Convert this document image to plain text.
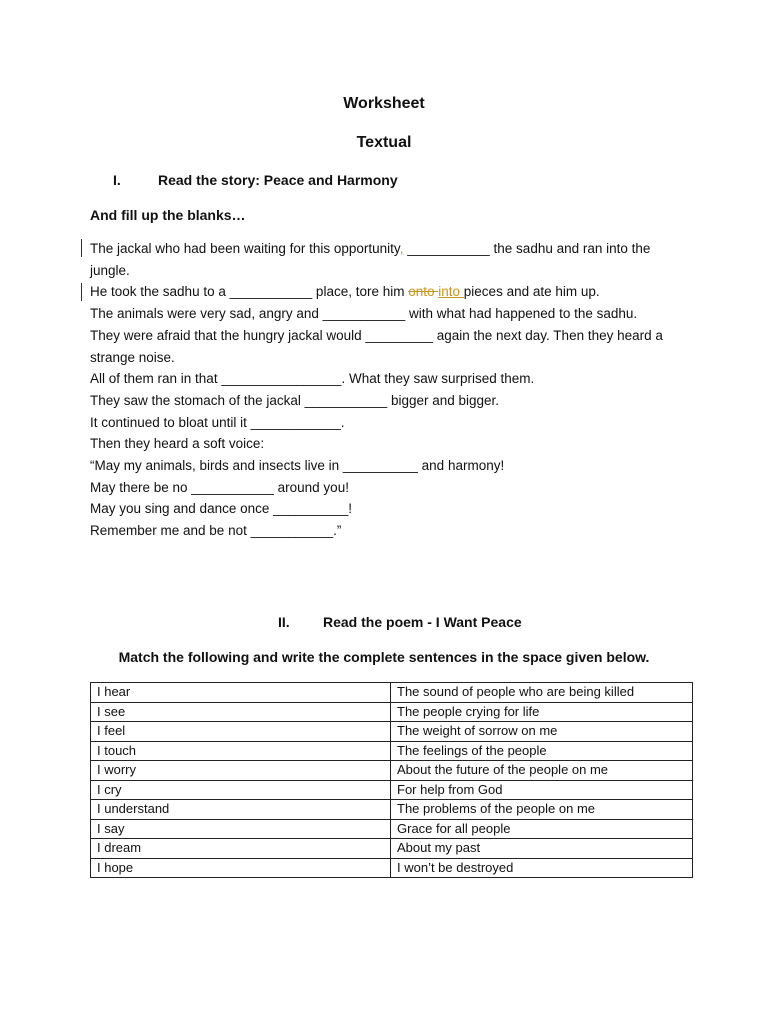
Worksheet
Textual
I.	Read the story: Peace and Harmony
And fill up the blanks…

The jackal who had been waiting for this opportunity, ___________ the sadhu and ran into the jungle.

He took the sadhu to a ___________ place, tore him onto into pieces and ate him up.

The animals were very sad, angry and ___________ with what had happened to the sadhu.

They were afraid that the hungry jackal would _________ again the next day. Then they heard a strange noise.

All of them ran in that ________________. What they saw surprised them.

They saw the stomach of the jackal ___________ bigger and bigger.

It continued to bloat until it ____________.

Then they heard a soft voice:

“May my animals, birds and insects live in __________ and harmony!

May there be no ___________ around you!

May you sing and dance once __________!

Remember me and be not ___________.”

II. Read the poem - I Want Peace
Match the following and write the complete sentences in the space given below.
I hear	The sound of people who are being killed
I see	The people crying for life
I feel	The weight of sorrow on me
I touch	The feelings of the people
I worry	About the future of the people on me
I cry	For help from God
I understand	The problems of the people on me
I say	Grace for all people
I dream	About my past
I hope	I won’t be destroyed
